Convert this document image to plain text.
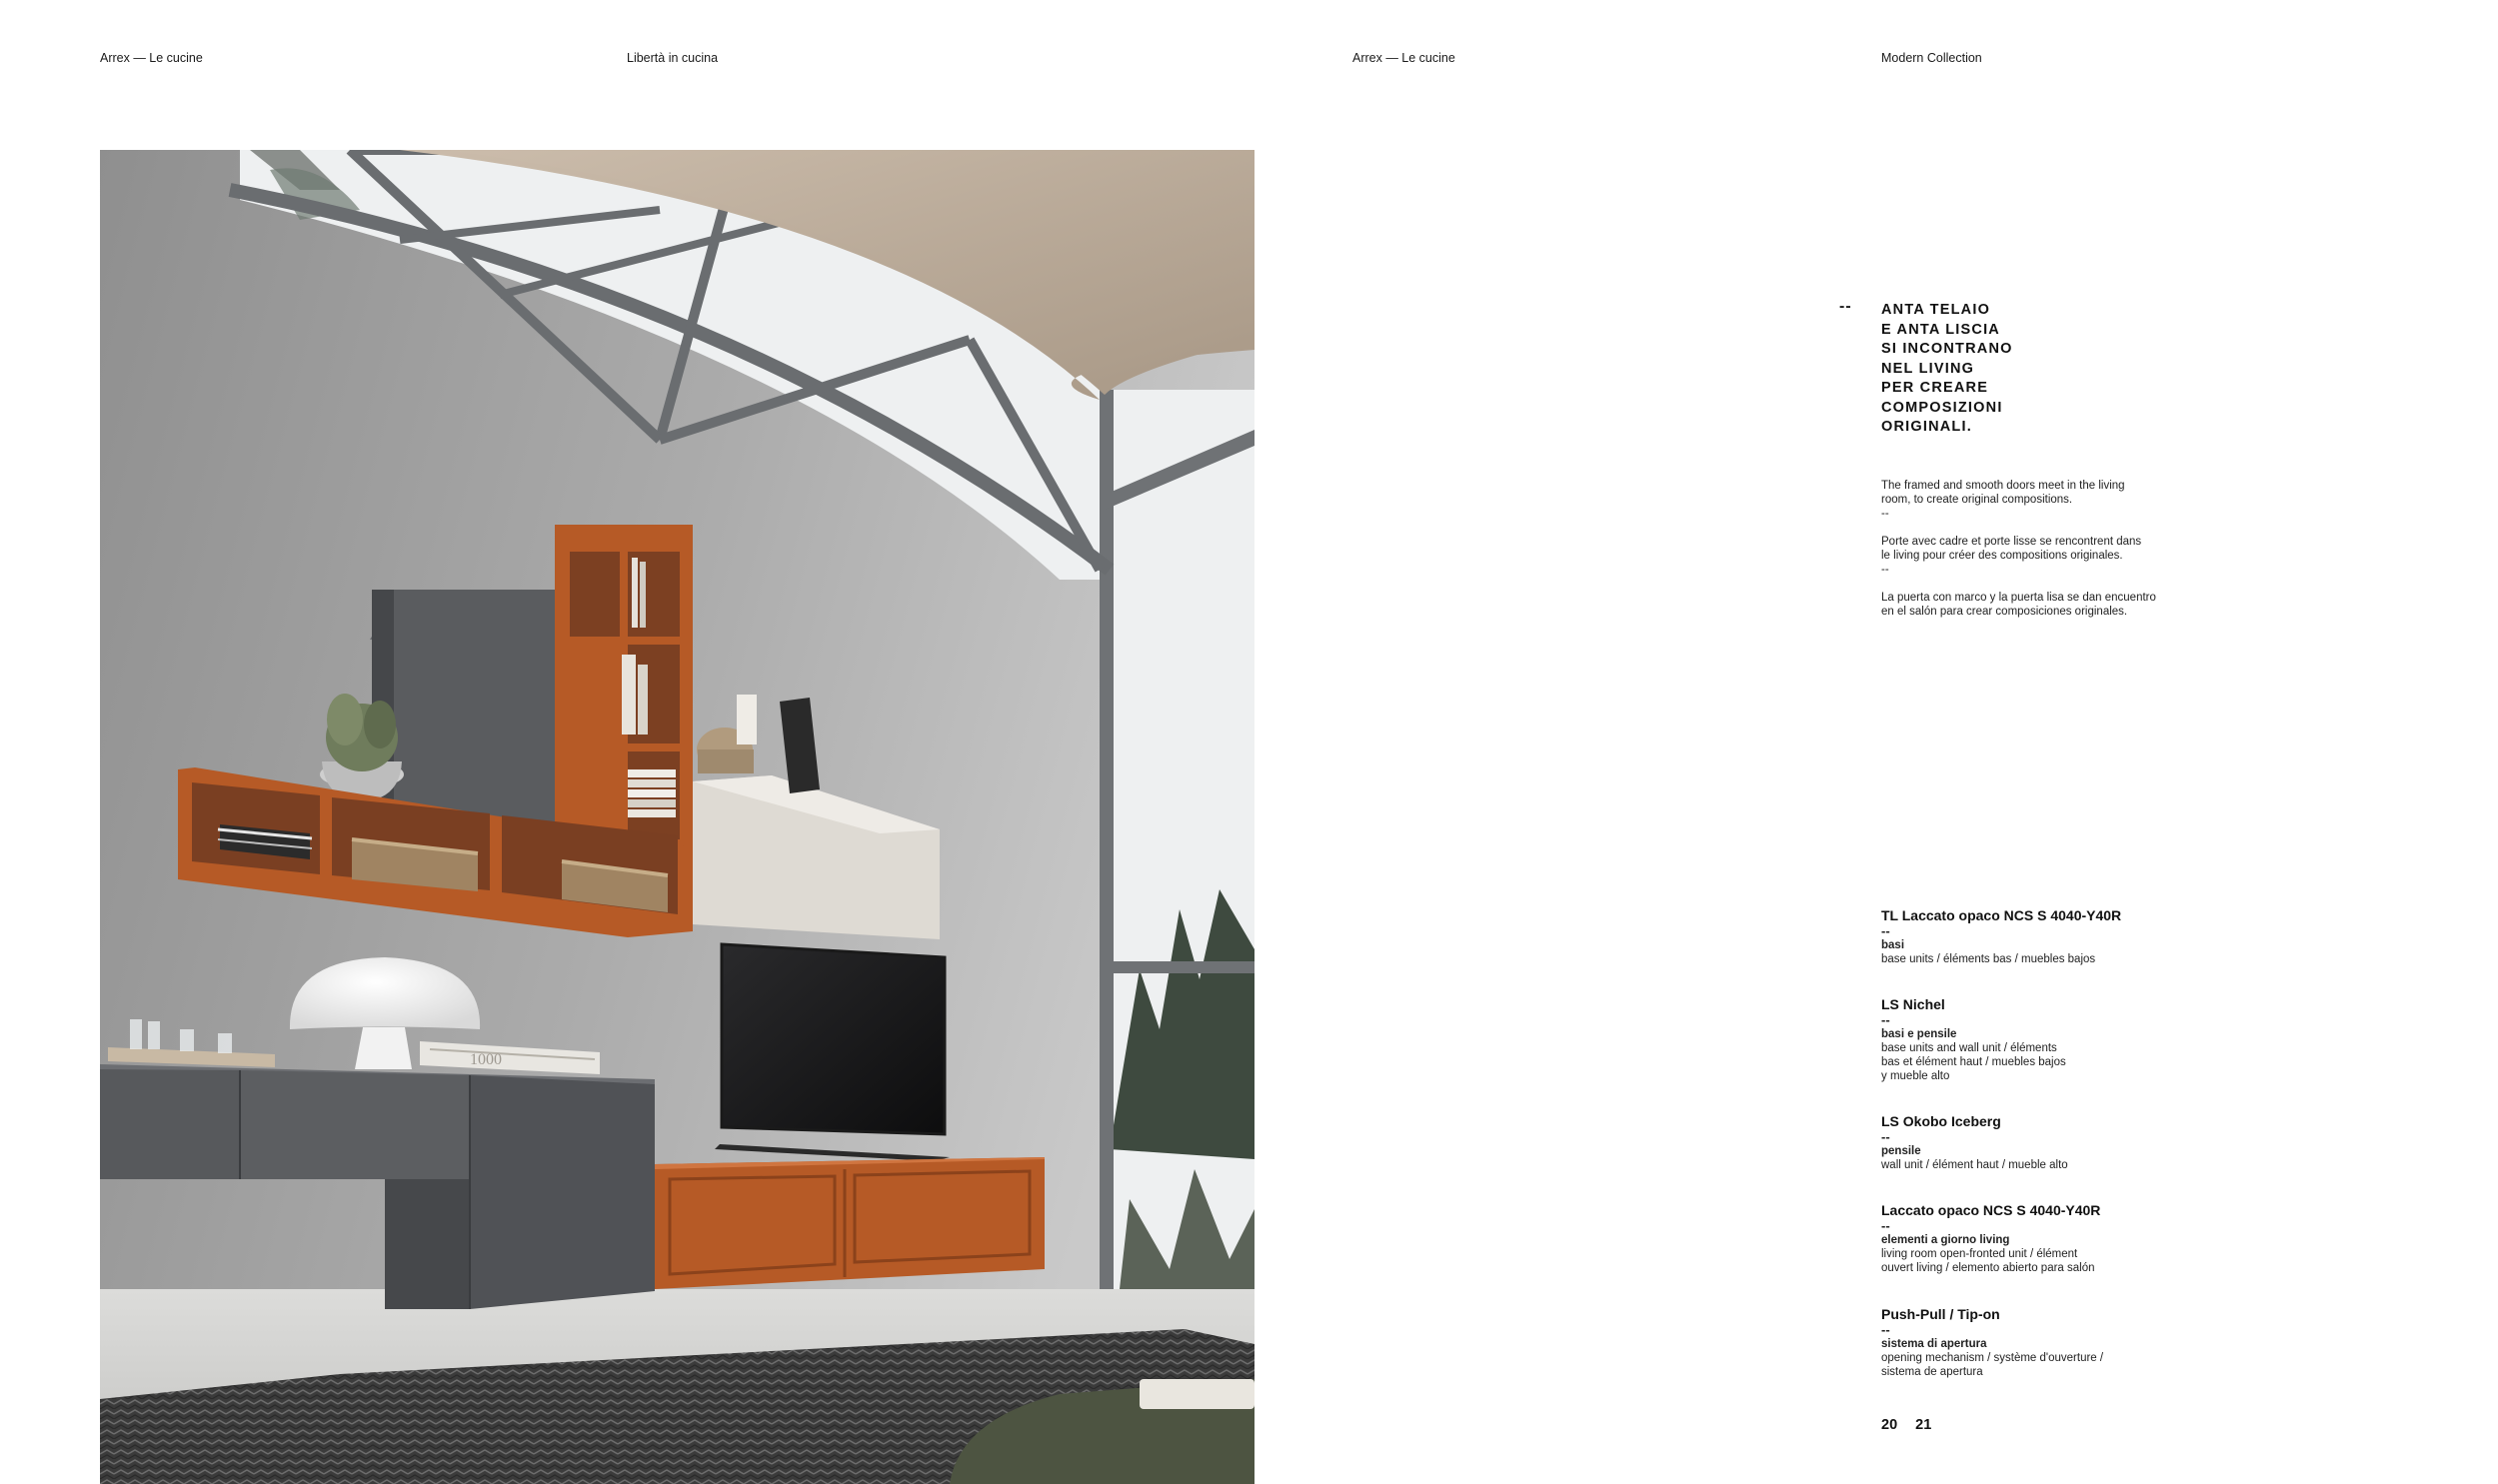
Arrex — Le cucine	Libertà in cucina	Arrex — Le cucine	Modern Collection
1000
-- ANTA TELAIO
E ANTA LISCIA
SI INCONTRANO
NEL LIVING
PER CREARE
COMPOSIZIONI
ORIGINALI.
The framed and smooth doors meet in the living
room, to create original compositions.
--
Porte avec cadre et porte lisse se rencontrent dans
le living pour créer des compositions originales.
--
La puerta con marco y la puerta lisa se dan encuentro
en el salón para crear composiciones originales.
TL Laccato opaco NCS S 4040-Y40R
--
basi
base units / éléments bas / muebles bajos
LS Nichel
--
basi e pensile
base units and wall unit / éléments
bas et élément haut / muebles bajos
y mueble alto
LS Okobo Iceberg
--
pensile
wall unit / élément haut / mueble alto
Laccato opaco NCS S 4040-Y40R
--
elementi a giorno living
living room open-fronted unit / élément
ouvert living / elemento abierto para salón
Push-Pull / Tip-on
--
sistema di apertura
opening mechanism / système d'ouverture /
sistema de apertura
20 21
